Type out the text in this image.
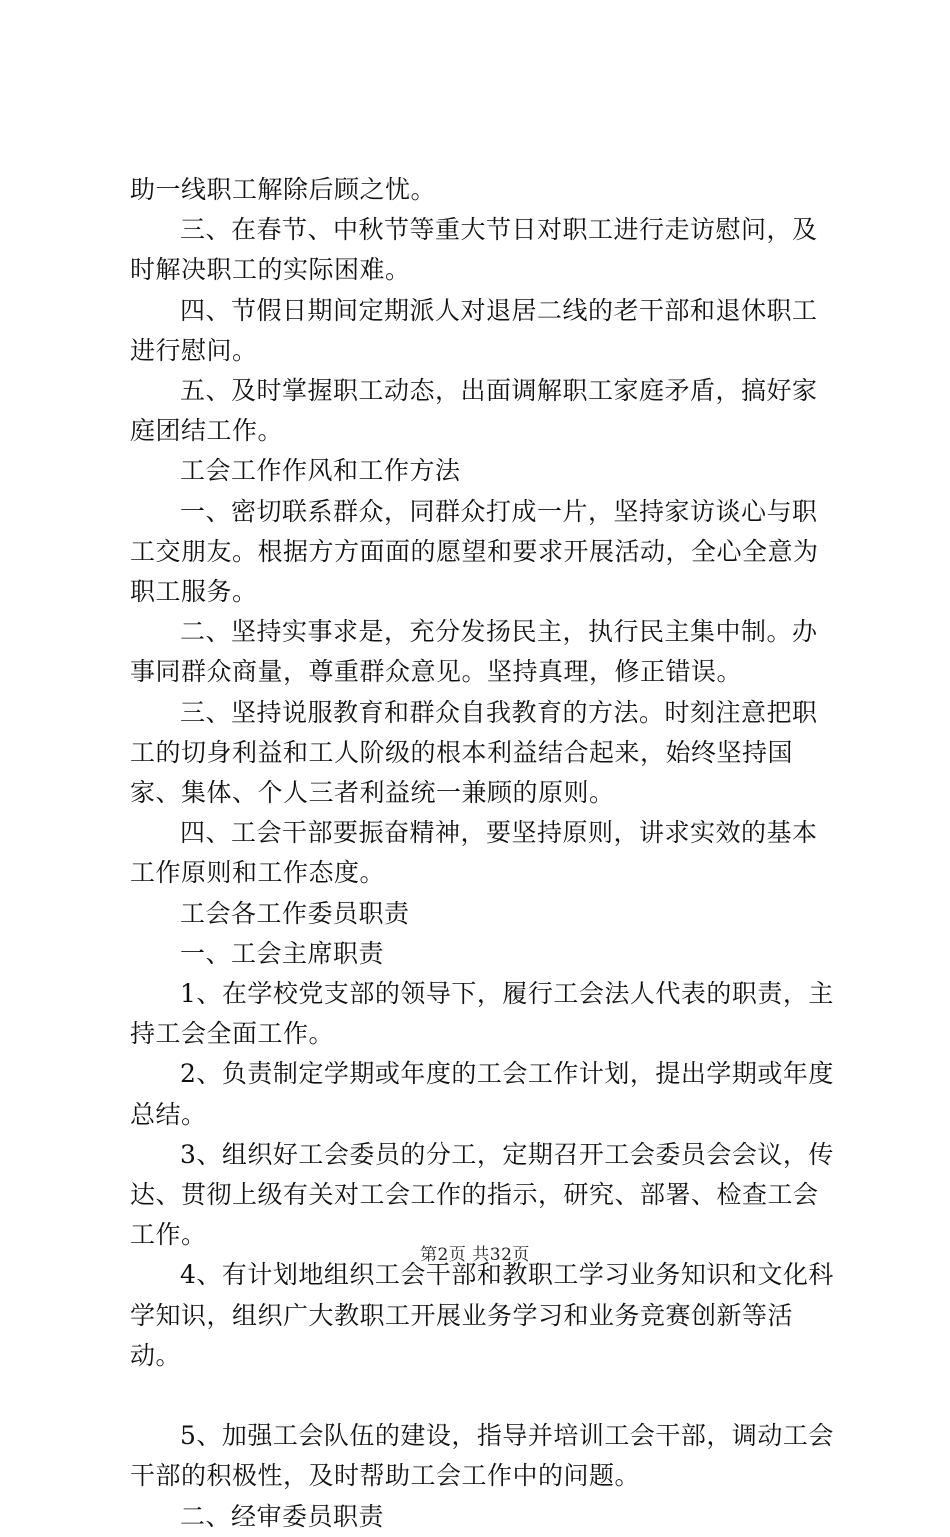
助一线职工解除后顾之忧。

三、在春节、中秋节等重大节日对职工进行走访慰问，及时解决职工的实际困难。

四、节假日期间定期派人对退居二线的老干部和退休职工进行慰问。

五、及时掌握职工动态，出面调解职工家庭矛盾，搞好家庭团结工作。

工会工作作风和工作方法

一、密切联系群众，同群众打成一片，坚持家访谈心与职工交朋友。根据方方面面的愿望和要求开展活动，全心全意为职工服务。

二、坚持实事求是，充分发扬民主，执行民主集中制。办事同群众商量，尊重群众意见。坚持真理，修正错误。

三、坚持说服教育和群众自我教育的方法。时刻注意把职工的切身利益和工人阶级的根本利益结合起来，始终坚持国家、集体、个人三者利益统一兼顾的原则。

四、工会干部要振奋精神，要坚持原则，讲求实效的基本工作原则和工作态度。

工会各工作委员职责

一、工会主席职责

1、在学校党支部的领导下，履行工会法人代表的职责，主持工会全面工作。

2、负责制定学期或年度的工会工作计划，提出学期或年度总结。

3、组织好工会委员的分工，定期召开工会委员会会议，传达、贯彻上级有关对工会工作的指示，研究、部署、检查工会工作。

4、有计划地组织工会干部和教职工学习业务知识和文化科学知识，组织广大教职工开展业务学习和业务竞赛创新等活动。

5、加强工会队伍的建设，指导并培训工会干部，调动工会干部的积极性，及时帮助工会工作中的问题。

二、经审委员职责

第2页 共32页
